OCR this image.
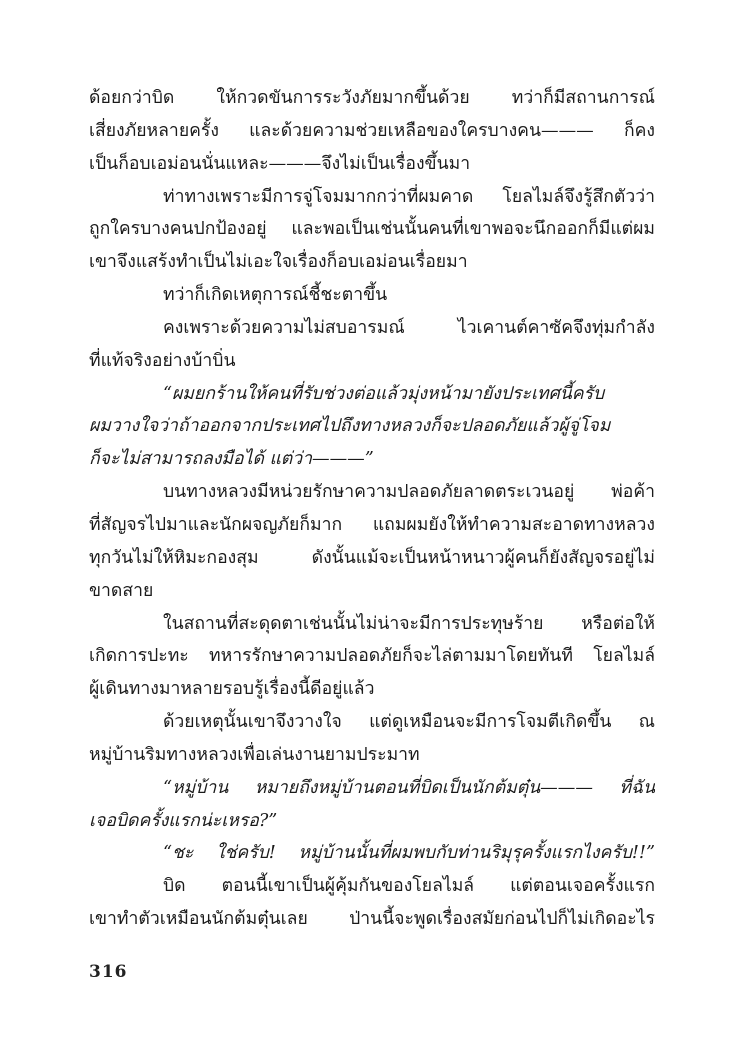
ด้อยกว่าบิด ให้กวดขันการระวังภัยมากขึ้นด้วย ทว่าก็มีสถานการณ์
เสี่ยงภัยหลายครั้ง และด้วยความช่วยเหลือของใครบางคน——— ก็คง
เป็นก็อบเอม่อนนั่นแหละ———จึงไม่เป็นเรื่องขึ้นมา
ท่าทางเพราะมีการจู่โจมมากกว่าที่ผมคาด โยลไมล์จึงรู้สึกตัวว่า
ถูกใครบางคนปกป้องอยู่ และพอเป็นเช่นนั้นคนที่เขาพอจะนึกออกก็มีแต่ผม
เขาจึงแสร้งทำเป็นไม่เอะใจเรื่องก็อบเอม่อนเรื่อยมา
ทว่าก็เกิดเหตุการณ์ชี้ชะตาขึ้น
คงเพราะด้วยความไม่สบอารมณ์ ไวเคานต์คาซัคจึงทุ่มกำลัง
ที่แท้จริงอย่างบ้าบิ่น
“ผมยกร้านให้คนที่รับช่วงต่อแล้วมุ่งหน้ามายังประเทศนี้ครับ
ผมวางใจว่าถ้าออกจากประเทศไปถึงทางหลวงก็จะปลอดภัยแล้วผู้จู่โจม
ก็จะไม่สามารถลงมือได้ แต่ว่า———”
บนทางหลวงมีหน่วยรักษาความปลอดภัยลาดตระเวนอยู่ พ่อค้า
ที่สัญจรไปมาและนักผจญภัยก็มาก แถมผมยังให้ทำความสะอาดทางหลวง
ทุกวันไม่ให้หิมะกองสุม ดังนั้นแม้จะเป็นหน้าหนาวผู้คนก็ยังสัญจรอยู่ไม่
ขาดสาย
ในสถานที่สะดุดตาเช่นนั้นไม่น่าจะมีการประทุษร้าย หรือต่อให้
เกิดการปะทะ ทหารรักษาความปลอดภัยก็จะไล่ตามมาโดยทันที โยลไมล์
ผู้เดินทางมาหลายรอบรู้เรื่องนี้ดีอยู่แล้ว
ด้วยเหตุนั้นเขาจึงวางใจ แต่ดูเหมือนจะมีการโจมตีเกิดขึ้น ณ
หมู่บ้านริมทางหลวงเพื่อเล่นงานยามประมาท
“หมู่บ้าน หมายถึงหมู่บ้านตอนที่บิดเป็นนักต้มตุ๋น——— ที่ฉัน
เจอบิดครั้งแรกน่ะเหรอ?”
“ชะ ใช่ครับ! หมู่บ้านนั้นที่ผมพบกับท่านริมุรุครั้งแรกไงครับ!!”
บิด ตอนนี้เขาเป็นผู้คุ้มกันของโยลไมล์ แต่ตอนเจอครั้งแรก
เขาทำตัวเหมือนนักต้มตุ๋นเลย ป่านนี้จะพูดเรื่องสมัยก่อนไปก็ไม่เกิดอะไร
316
